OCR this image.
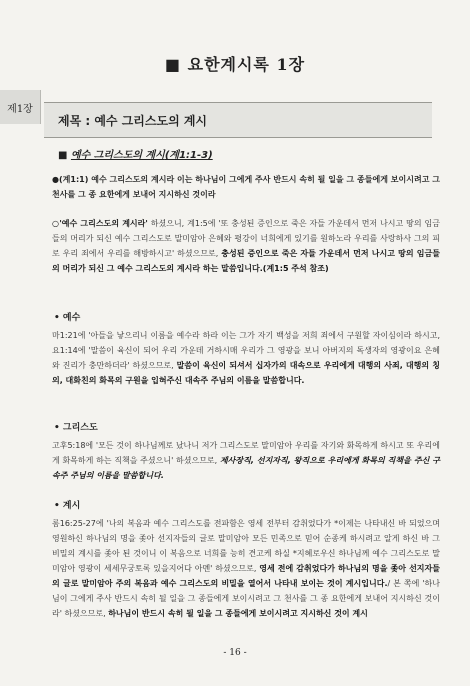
■ 요한계시록 1장
제1장
제목 : 예수 그리스도의 계시
■ 예수 그리스도의 계시(계1:1-3)
●(계1:1) 예수 그리스도의 계시라 이는 하나님이 그에게 주사 반드시 속히 될 일을 그 종들에게 보이시려고 그 천사를 그 종 요한에게 보내어 지시하신 것이라
○'예수 그리스도의 계시라' 하셨으니, 계1:5에 '또 충성된 증인으로 죽은 자들 가운데서 먼저 나시고 땅의 임금들의 머리가 되신 예수 그리스도로 말미암아 은혜와 평강이 너희에게 있기를 원하노라 우리를 사랑하사 그의 피로 우리 죄에서 우리를 해방하시고' 하셨으므로, 충성된 증인으로 죽은 자들 가운데서 먼저 나시고 땅의 임금들의 머리가 되신 그 예수 그리스도의 계시라 하는 말씀입니다.(계1:5 주석 참조)
• 예수
마1:21에 '아들을 낳으리니 이름을 예수라 하라 이는 그가 자기 백성을 저희 죄에서 구원할 자이심이라 하시고, 요1:14에 '말씀이 육신이 되어 우리 가운데 거하시매 우리가 그 영광을 보니 아버지의 독생자의 영광이요 은혜와 진리가 충만하더라' 하셨으므로, 말씀이 육신이 되셔서 십자가의 대속으로 우리에게 대행의 사죄, 대행의 칭의, 대화친의 화목의 구원을 입혀주신 대속주 주님의 이름을 말씀합니다.
• 그리스도
고후5:18에 '모든 것이 하나님께로 났나니 저가 그리스도로 말미암아 우리를 자기와 화목하게 하시고 또 우리에게 화목하게 하는 직책을 주셨으니' 하셨으므로, 제사장직, 선지자직, 왕직으로 우리에게 화목의 직책을 주신 구속주 주님의 이름을 말씀합니다.
• 계시
롬16:25-27에 '나의 복음과 예수 그리스도를 전파함은 영세 전부터 감취었다가 *이제는 나타내신 바 되었으며 영원하신 하나님의 명을 좇아 선지자들의 글로 말미암아 모든 민족으로 믿어 순종케 하시려고 알게 하신 바 그 비밀의 계시를 좇아 된 것이니 이 복음으로 너희를 능히 견고케 하실 *지혜로우신 하나님께 예수 그리스도로 말미암아 영광이 세세무궁토록 있을지어다 아멘' 하셨으므로, 영세 전에 감취었다가 하나님의 명을 좇아 선지자들의 글로 말미암아 주의 복음과 예수 그리스도의 비밀을 열어서 나타내 보이는 것이 계시입니다./ 본 쪽에 '하나님이 그에게 주사 반드시 속히 될 일을 그 종들에게 보이시려고 그 천사를 그 종 요한에게 보내어 지시하신 것이라' 하셨으므로, 하나님이 반드시 속히 될 일을 그 종들에게 보이시려고 지시하신 것이 계시
- 16 -
